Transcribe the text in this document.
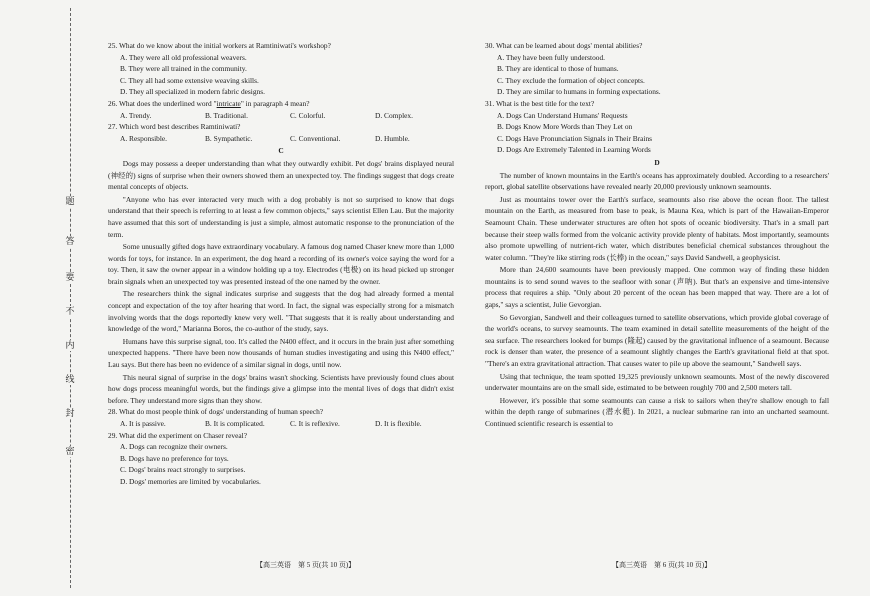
题
答
要
不
内
线
封
密

25. What do we know about the initial workers at Ramtiniwati's workshop?

A. They were all old professional weavers.

B. They were all trained in the community.

C. They all had some extensive weaving skills.

D. They all specialized in modern fabric designs.

26. What does the underlined word "intricate" in paragraph 4 mean?

A. Trendy.	B. Traditional.	C. Colorful.	D. Complex.

27. Which word best describes Ramtiniwati?

A. Responsible.	B. Sympathetic.	C. Conventional.	D. Humble.
C

Dogs may possess a deeper understanding than what they outwardly exhibit. Pet dogs' brains displayed neural (神经的) signs of surprise when their owners showed them an unexpected toy. The findings suggest that dogs create mental concepts of objects.

"Anyone who has ever interacted very much with a dog probably is not so surprised to know that dogs understand that their speech is referring to at least a few common objects," says scientist Ellen Lau. But the majority have assumed that this sort of understanding is just a simple, almost automatic response to the pronunciation of the term.

Some unusually gifted dogs have extraordinary vocabulary. A famous dog named Chaser knew more than 1,000 words for toys, for instance. In an experiment, the dog heard a recording of its owner's voice saying the word for a toy. Then, it saw the owner appear in a window holding up a toy. Electrodes (电极) on its head picked up stronger brain signals when an unexpected toy was presented instead of the one named by the owner.

The researchers think the signal indicates surprise and suggests that the dog had already formed a mental concept and expectation of the toy after hearing that word. In fact, the signal was especially strong for a mismatch involving words that the dogs reportedly knew very well. "That suggests that it is really about understanding and knowledge of the word," Marianna Boros, the co-author of the study, says.

Humans have this surprise signal, too. It's called the N400 effect, and it occurs in the brain just after something unexpected happens. "There have been now thousands of human studies investigating and using this N400 effect," Lau says. But there has been no evidence of a similar signal in dogs, until now.

This neural signal of surprise in the dogs' brains wasn't shocking. Scientists have previously found clues about how dogs process meaningful words, but the findings give a glimpse into the mental lives of dogs that didn't exist before. They understand more signs than they show.

28. What do most people think of dogs' understanding of human speech?

A. It is passive.	B. It is complicated.	C. It is reflexive.	D. It is flexible.

29. What did the experiment on Chaser reveal?

A. Dogs can recognize their owners.

B. Dogs have no preference for toys.

C. Dogs' brains react strongly to surprises.

D. Dogs' memories are limited by vocabularies.

30. What can be learned about dogs' mental abilities?

A. They have been fully understood.

B. They are identical to those of humans.

C. They exclude the formation of object concepts.

D. They are similar to humans in forming expectations.

31. What is the best title for the text?

A. Dogs Can Understand Humans' Requests

B. Dogs Know More Words than They Let on

C. Dogs Have Pronunciation Signals in Their Brains

D. Dogs Are Extremely Talented in Learning Words

D

The number of known mountains in the Earth's oceans has approximately doubled. According to a researchers' report, global satellite observations have revealed nearly 20,000 previously unknown seamounts.

Just as mountains tower over the Earth's surface, seamounts also rise above the ocean floor. The tallest mountain on the Earth, as measured from base to peak, is Mauna Kea, which is part of the Hawaiian-Emperor Seamount Chain. These underwater structures are often hot spots of oceanic biodiversity. That's in a small part because their steep walls formed from the volcanic activity provide plenty of habitats. Most importantly, seamounts also promote upwelling of nutrient-rich water, which distributes beneficial chemical substances throughout the water column. "They're like stirring rods (长棒) in the ocean," says David Sandwell, a geophysicist.

More than 24,600 seamounts have been previously mapped. One common way of finding these hidden mountains is to send sound waves to the seafloor with sonar (声呐). But that's an expensive and time-intensive process that requires a ship. "Only about 20 percent of the ocean has been mapped that way. There are a lot of gaps," says a scientist, Julie Gevorgian.

So Gevorgian, Sandwell and their colleagues turned to satellite observations, which provide global coverage of the world's oceans, to survey seamounts. The team examined in detail satellite measurements of the height of the sea surface. The researchers looked for bumps (隆起) caused by the gravitational influence of a seamount. Because rock is denser than water, the presence of a seamount slightly changes the Earth's gravitational field at that spot. "There's an extra gravitational attraction. That causes water to pile up above the seamount," Sandwell says.

Using that technique, the team spotted 19,325 previously unknown seamounts. Most of the newly discovered underwater mountains are on the small side, estimated to be between roughly 700 and 2,500 meters tall.

However, it's possible that some seamounts can cause a risk to sailors when they're shallow enough to fall within the depth range of submarines (潜水艇). In 2021, a nuclear submarine ran into an uncharted seamount. Continued scientific research is essential to

【高三英语　第 5 页(共 10 页)】	【高三英语　第 6 页(共 10 页)】
